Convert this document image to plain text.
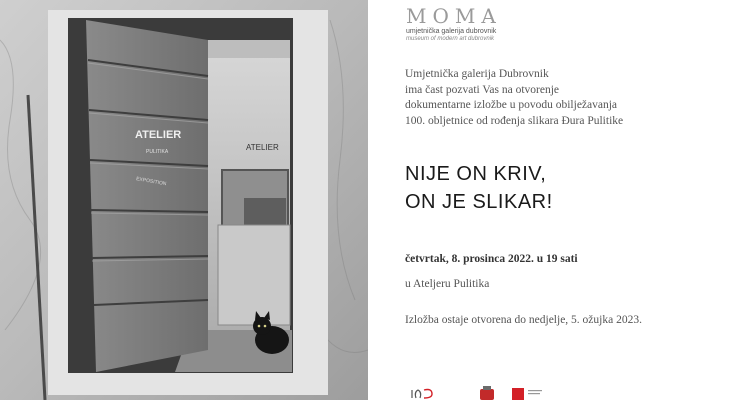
ATELIER
ATELIER
PULITIKA
EXPOSITION
MOMA
umjetnička galerija dubrovnik
museum of modern art dubrovnik
Umjetnička galerija Dubrovnik
ima čast pozvati Vas na otvorenje
dokumentarne izložbe u povodu obilježavanja
100. obljetnice od rođenja slikara Đura Pulitike
NIJE ON KRIV,
ON JE SLIKAR!
četvrtak, 8. prosinca 2022. u 19 sati
u Ateljeru Pulitika
Izložba ostaje otvorena do nedjelje, 5. ožujka 2023.
